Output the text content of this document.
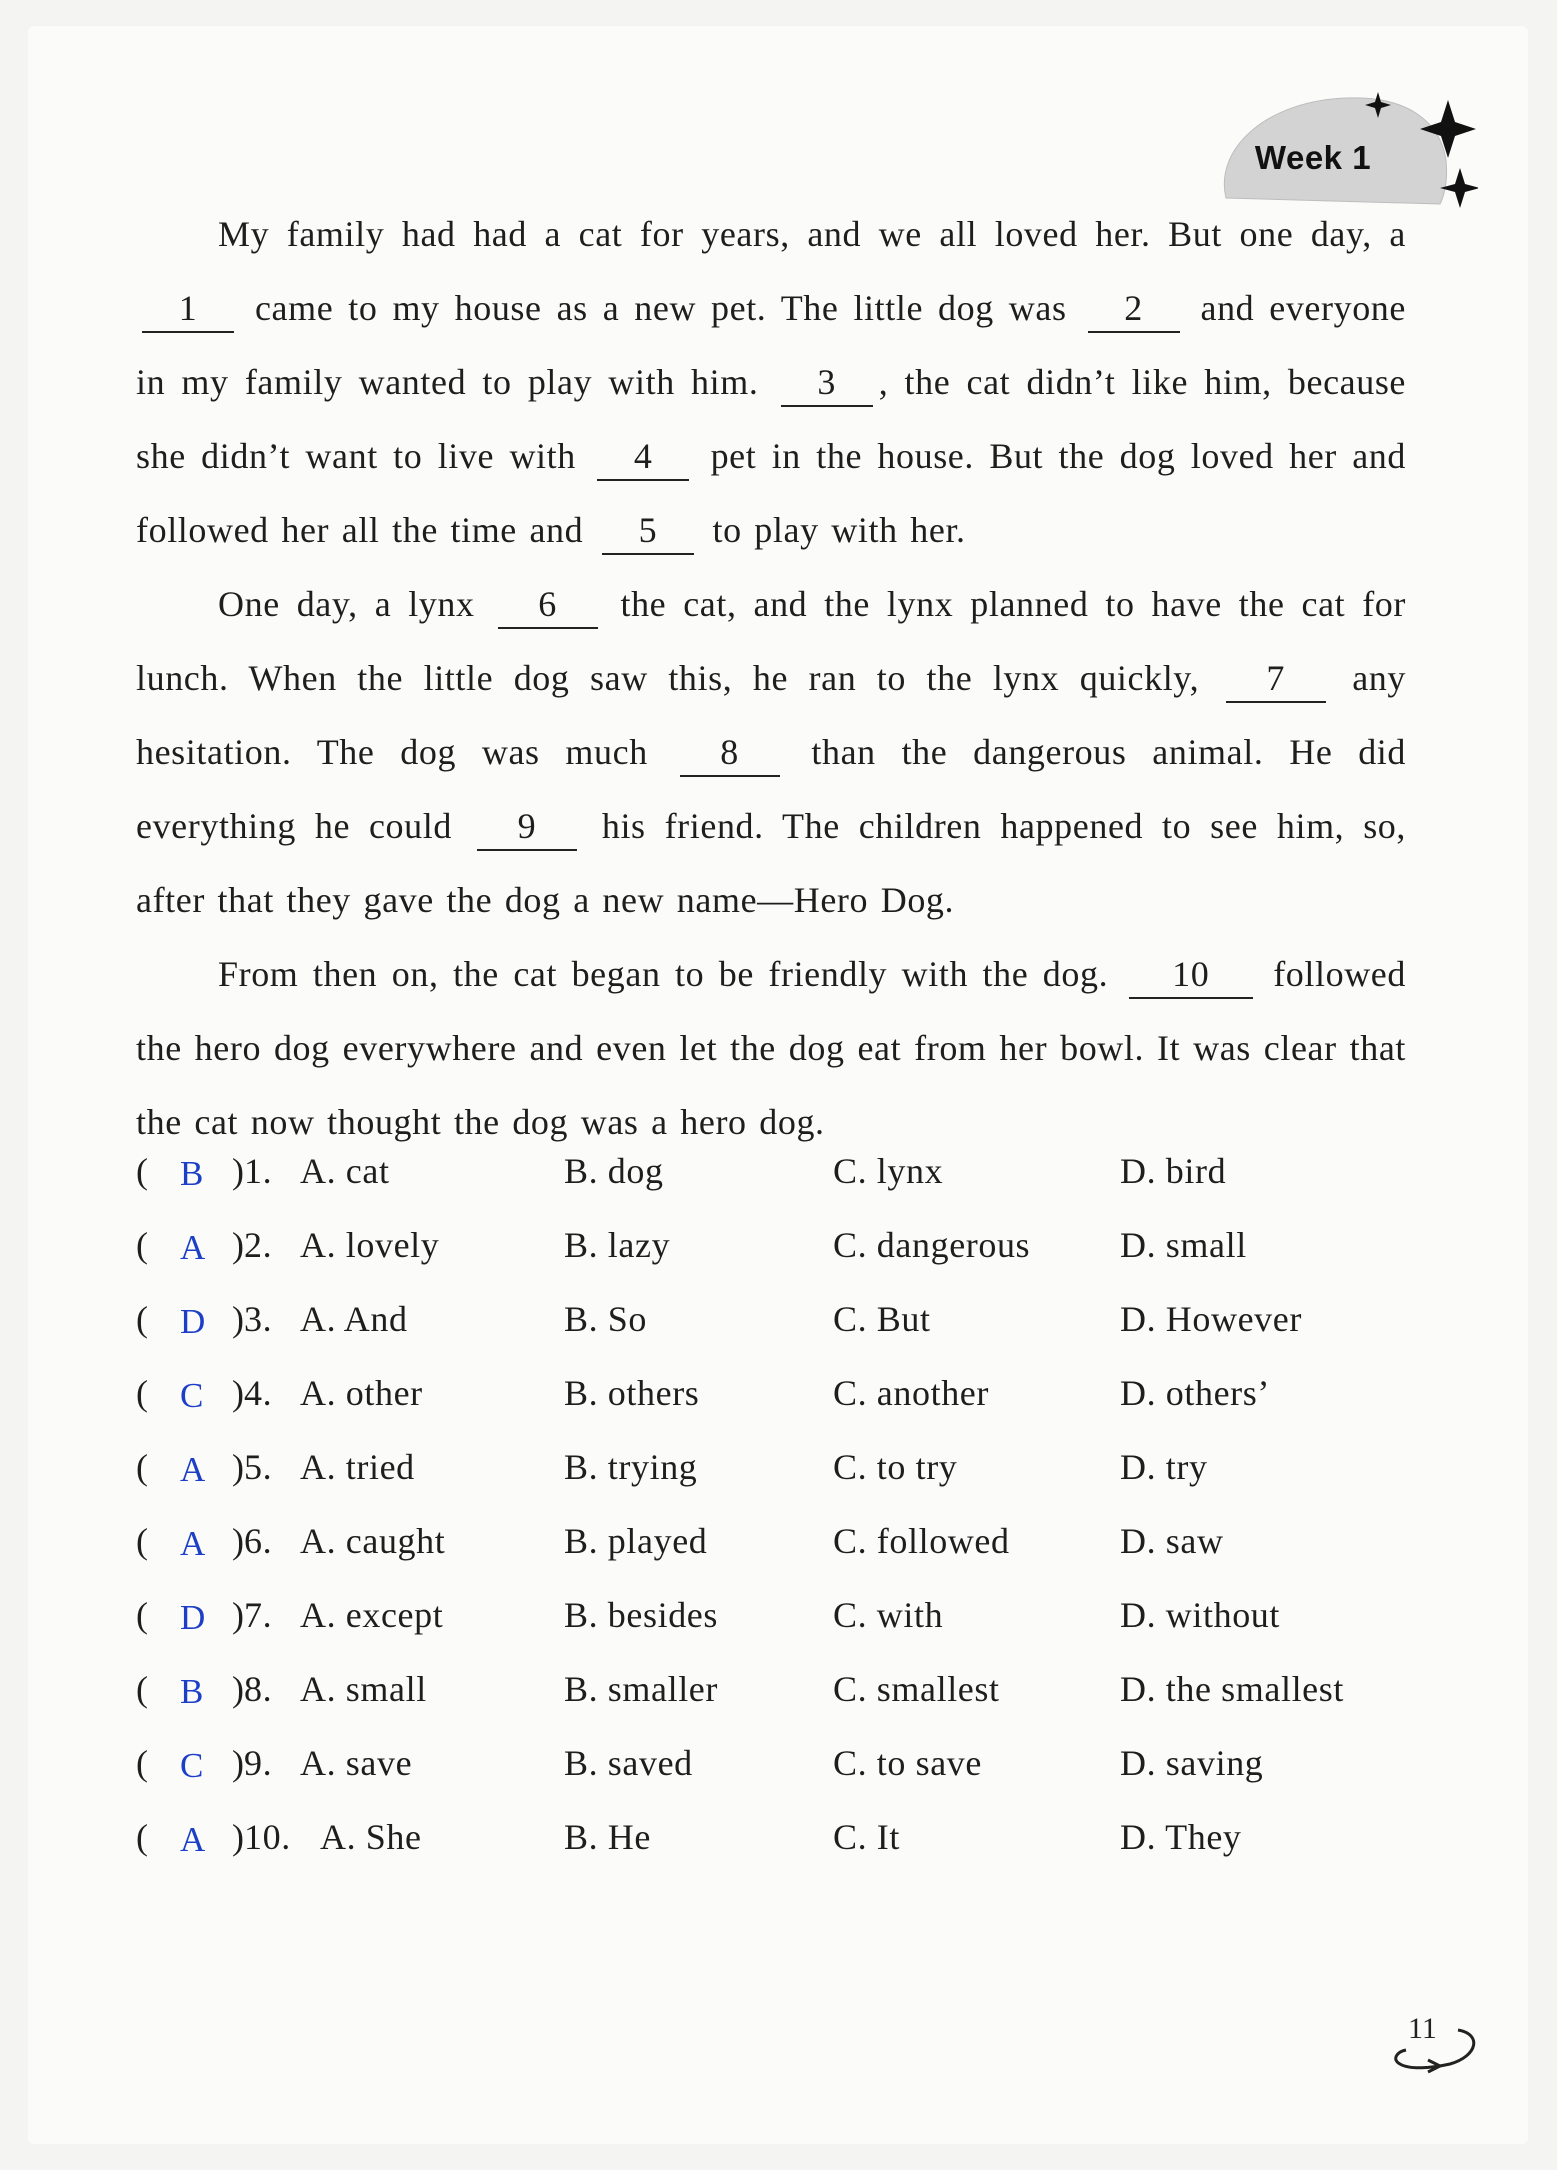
Week 1

My family had had a cat for years, and we all loved her. But one day, a 1 came to my house as a new pet. The little dog was 2 and everyone in my family wanted to play with him. 3 , the cat didn’t like him, because she didn’t want to live with 4 pet in the house. But the dog loved her and followed her all the time and 5 to play with her.

One day, a lynx 6 the cat, and the lynx planned to have the cat for lunch. When the little dog saw this, he ran to the lynx quickly, 7 any hesitation. The dog was much 8 than the dangerous animal. He did everything he could 9 his friend. The children happened to see him, so, after that they gave the dog a new name—Hero Dog.

From then on, the cat began to be friendly with the dog. 10 followed the hero dog everywhere and even let the dog eat from her bowl. It was clear that the cat now thought the dog was a hero dog.

( B ) 1. A. cat	B. dog	C. lynx	D. bird
( A ) 2. A. lovely	B. lazy	C. dangerous D. small
( D ) 3. A. And	B. So	C. But	D. However
( C ) 4. A. other	B. others	C. another	D. others’
( A ) 5. A. tried	B. trying	C. to try	D. try
( A ) 6. A. caught	B. played	C. followed	D. saw
( D ) 7. A. except	B. besides	C. with	D. without
( B ) 8. A. small	B. smaller	C. smallest	D. the smallest
( C ) 9. A. save	B. saved	C. to save	D. saving
( A ) 10. A. She	B. He	C. It	D. They
11
